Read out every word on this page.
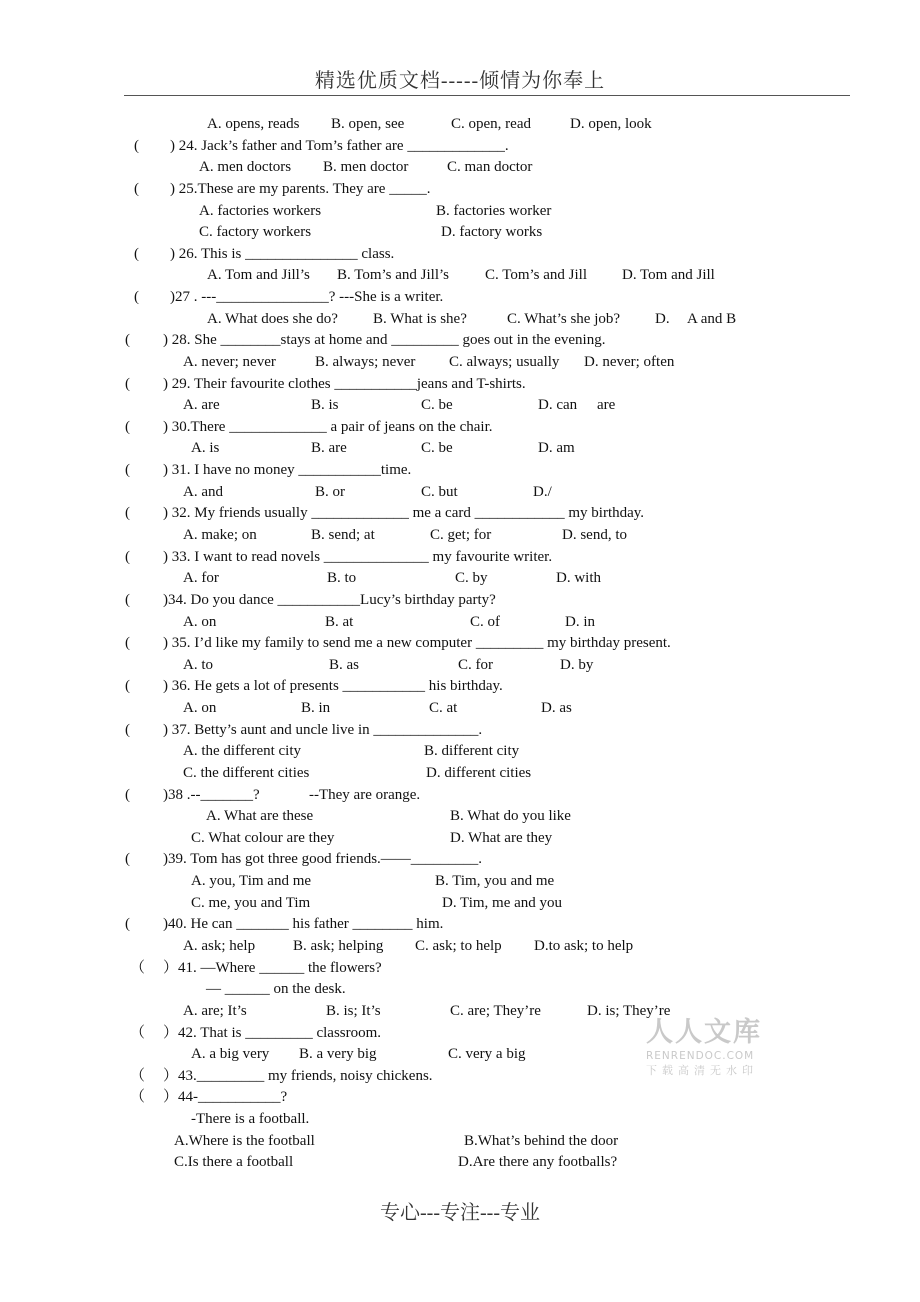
精选优质文档-----倾情为你奉上
A. opens, reads B. open, see	C. open, read	D. open, look
( ) 24. Jack’s father and Tom’s father are _____________.
A. men doctors B. men doctor	C. man doctor
( ) 25.These are my parents. They are _____.
A. factories workers	B. factories worker
C. factory workers	D. factory works
( ) 26. This is _______________ class.
A. Tom and Jill’s B. Tom’s and Jill’s C. Tom’s and Jill D. Tom and Jill
( )27 . ---_______________? ---She is a writer.
A. What does she do? B. What is she?	C. What’s she job? D. A and B
( ) 28. She ________stays at home and _________ goes out in the evening.
A. never; never	B. always; never C. always; usually D. never; often
( ) 29. Their favourite clothes ___________jeans and T-shirts.
A. are	B. is	C. be	D. can are
( ) 30.There _____________ a pair of jeans on the chair.
A. is	B. are	C. be	D. am
( ) 31. I have no money ___________time.
A. and	B. or	C. but	D./
( ) 32. My friends usually _____________ me a card ____________ my birthday.
A. make; on	B. send; at	C. get; for	D. send, to
( ) 33. I want to read novels ______________ my favourite writer.
A. for	B. to	C. by	D. with
( )34. Do you dance ___________Lucy’s birthday party?
A. on	B. at	C. of	D. in
( ) 35. I’d like my family to send me a new computer _________ my birthday present.
A. to	B. as	C. for	D. by
( ) 36. He gets a lot of presents ___________ his birthday.
A. on	B. in	C. at	D. as
( ) 37. Betty’s aunt and uncle live in ______________.
A. the different city	B. different city
C. the different cities	D. different cities
( )38 .--_______?	--They are orange.
A. What are these	B. What do you like
C. What colour are they	D. What are they
( )39. Tom has got three good friends.——_________.
A. you, Tim and me	B. Tim, you and me
C. me, you and Tim	D. Tim, me and you
( )40. He can _______ his father ________ him.
A. ask; help	B. ask; helping C. ask; to help D.to ask; to help
（ ）41. —Where ______ the flowers?
— ______ on the desk.
A. are; It’s	B. is; It’s	C. are; They’re	D. is; They’re
（ ）42. That is _________ classroom.
A. a big very B. a very big	C. very a big
（ ）43._________ my friends, noisy chickens.
（ ）44-___________?
-There is a football.
A.Where is the football	B.What’s behind the door
C.Is there a football	D.Are there any footballs?
人人文库
RENRENDOC.COM
下载高清无水印
专心---专注---专业
